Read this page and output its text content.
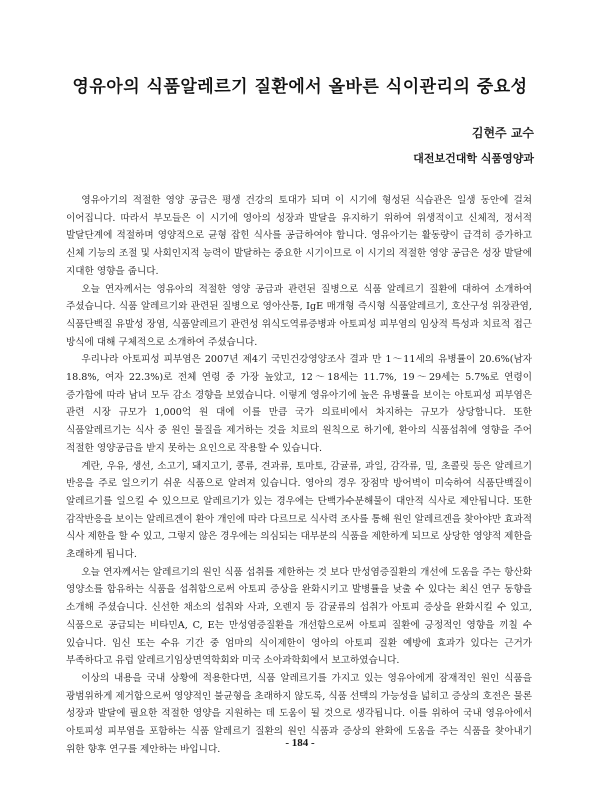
영유아의 식품알레르기 질환에서 올바른 식이관리의 중요성
김현주 교수
대전보건대학 식품영양과

영유아기의 적절한 영양 공급은 평생 건강의 토대가 되며 이 시기에 형성된 식습관은 일생 동안에 걸쳐 이어집니다. 따라서 부모들은 이 시기에 영아의 성장과 발달을 유지하기 위하여 위생적이고 신체적, 정서적 발달단계에 적절하며 영양적으로 균형 잡힌 식사를 공급하여야 합니다. 영유아기는 활동량이 급격히 증가하고 신체 기능의 조절 및 사회인지적 능력이 발달하는 중요한 시기이므로 이 시기의 적절한 영양 공급은 성장 발달에 지대한 영향을 줍니다.

오늘 연자께서는 영유아의 적절한 영양 공급과 관련된 질병으로 식품 알레르기 질환에 대하여 소개하여 주셨습니다. 식품 알레르기와 관련된 질병으로 영아산통, IgE 매개형 즉시형 식품알레르기, 호산구성 위장관염, 식품단백질 유발성 장염, 식품알레르기 관련성 위식도역류증병과 아토피성 피부염의 임상적 특성과 치료적 접근 방식에 대해 구체적으로 소개하여 주셨습니다.

우리나라 아토피성 피부염은 2007년 제4기 국민건강영양조사 결과 만 1～11세의 유병률이 20.6%(남자 18.8%, 여자 22.3%)로 전체 연령 중 가장 높았고, 12～18세는 11.7%, 19～29세는 5.7%로 연령이 증가함에 따라 남녀 모두 감소 경향을 보였습니다. 이렇게 영유아기에 높은 유병률을 보이는 아토피성 피부염은 관련 시장 규모가 1,000억 원 대에 이를 만큼 국가 의료비에서 차지하는 규모가 상당합니다. 또한 식품알레르기는 식사 중 원인 물질을 제거하는 것을 치료의 원칙으로 하기에, 환아의 식품섭취에 영향을 주어 적절한 영양공급을 받지 못하는 요인으로 작용할 수 있습니다.

계란, 우유, 생선, 소고기, 돼지고기, 콩류, 견과류, 토마토, 감귤류, 과일, 감각류, 밀, 초콜릿 등은 알레르기 반응을 주로 일으키기 쉬운 식품으로 알려져 있습니다. 영아의 경우 장점막 방어벽이 미숙하여 식품단백질이 알레르기를 일으킬 수 있으므로 알레르기가 있는 경우에는 단백가수분해물이 대안적 식사로 제안됩니다. 또한 감작반응을 보이는 알레르겐이 환아 개인에 따라 다르므로 식사력 조사를 통해 원인 알레르겐을 찾아야만 효과적 식사 제한을 할 수 있고, 그렇지 않은 경우에는 의심되는 대부분의 식품을 제한하게 되므로 상당한 영양적 제한을 초래하게 됩니다.

오늘 연자께서는 알레르기의 원인 식품 섭취를 제한하는 것 보다 만성염증질환의 개선에 도움을 주는 항산화 영양소를 함유하는 식품을 섭취함으로써 아토피 증상을 완화시키고 발병률을 낮출 수 있다는 최신 연구 동향을 소개해 주셨습니다. 신선한 채소의 섭취와 사과, 오렌지 등 감귤류의 섭취가 아토피 증상을 완화시킬 수 있고, 식품으로 공급되는 비타민A, C, E는 만성염증질환을 개선함으로써 아토피 질환에 긍정적인 영향을 끼칠 수 있습니다. 임신 또는 수유 기간 중 엄마의 식이제한이 영아의 아토피 질환 예방에 효과가 있다는 근거가 부족하다고 유럽 알레르기임상면역학회와 미국 소아과학회에서 보고하였습니다.

이상의 내용을 국내 상황에 적용한다면, 식품 알레르기를 가지고 있는 영유아에게 잠재적인 원인 식품을 광범위하게 제거함으로써 영양적인 불균형을 초래하지 않도록, 식품 선택의 가능성을 넓히고 증상의 호전은 물론 성장과 발달에 필요한 적절한 영양을 지원하는 데 도움이 될 것으로 생각됩니다. 이를 위하여 국내 영유아에서 아토피성 피부염을 포함하는 식품 알레르기 질환의 원인 식품과 증상의 완화에 도움을 주는 식품을 찾아내기 위한 향후 연구를 제안하는 바입니다.

- 184 -
